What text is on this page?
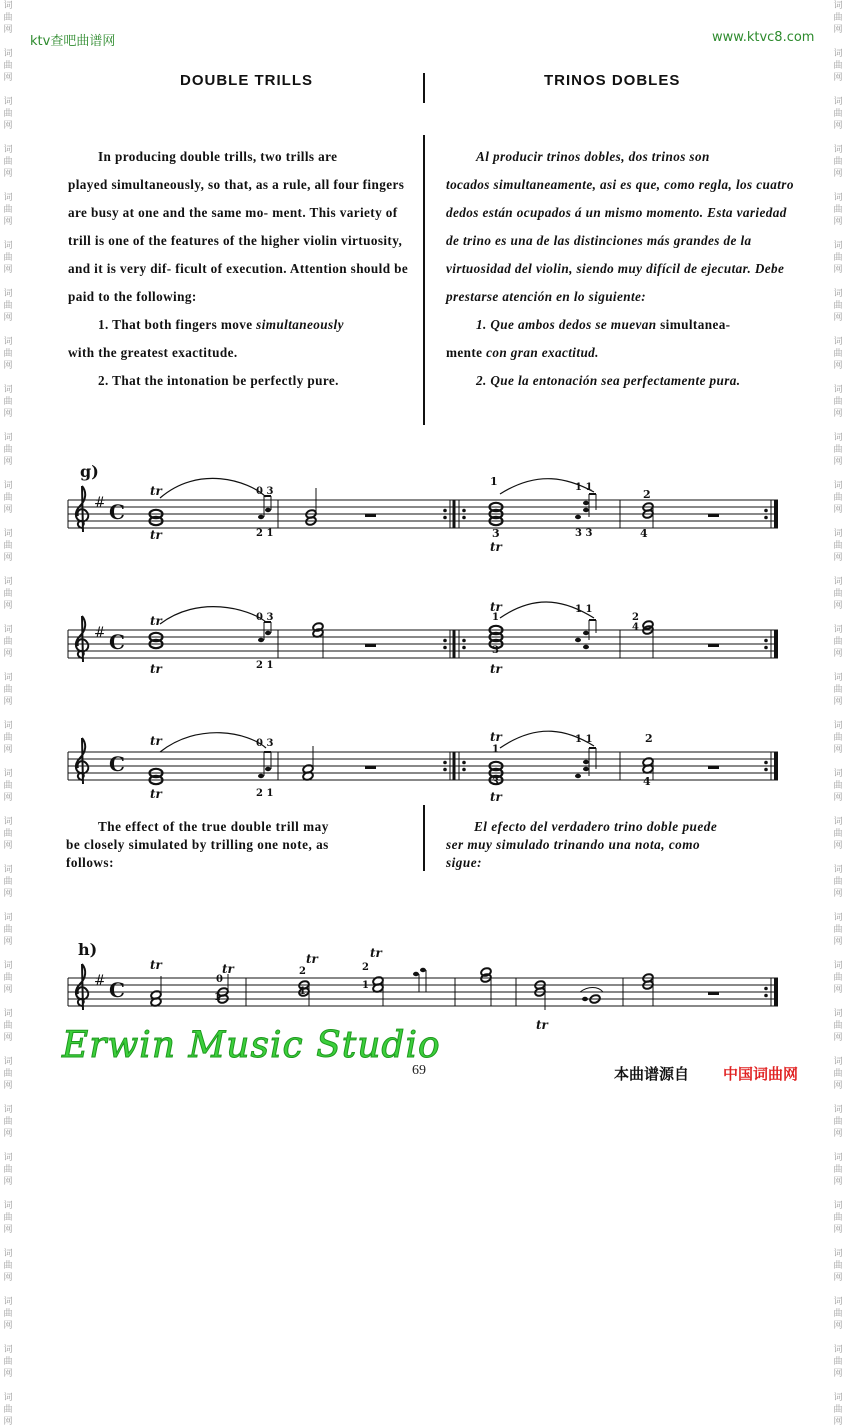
词
曲
网
词
曲
网
词
曲
网
词
曲
网
词
曲
网
词
曲
网
词
曲
网
词
曲
网
词
曲
网
词
曲
网
词
曲
网
词
曲
网
词
曲
网
词
曲
网
词
曲
网
词
曲
网
词
曲
网
词
曲
网
词
曲
网
词
曲
网
词
曲
网
词
曲
网
词
曲
网
词
曲
网
词
曲
网
词
曲
网
词
曲
网
词
曲
网
词
曲
网
词
曲
网
词
曲
网
词
曲
网
词
曲
网
词
曲
网
词
曲
网
词
曲
网
词
曲
网
词
曲
网
词
曲
网
词
曲
网
词
曲
网
词
曲
网
词
曲
网
词
曲
网
词
曲
网
词
曲
网
词
曲
网
词
曲
网
词
曲
网
词
曲
网
词
曲
网
词
曲
网
词
曲
网
词
曲
网
词
曲
网
词
曲
网
词
曲
网
词
曲
网
词
曲
网
词
曲
网
ktv查吧曲谱网	www.ktvc8.com
DOUBLE TRILLS	TRINOS DOBLES
In producing double trills, two trills are
played simultaneously, so that, as a rule, all four fingers are busy at one and the same mo- ment. This variety of trill is one of the features of the higher violin virtuosity, and it is very dif- ficult of execution. Attention should be paid to the following:
1. That both fingers move simultaneously
with the greatest exactitude.
2. That the intonation be perfectly pure.
Al producir trinos dobles, dos trinos son
tocados simultaneamente, asi es que, como regla, los cuatro dedos están ocupados á un mismo momento. Esta variedad de trino es una de las distinciones más grandes de la virtuosidad del violin, siendo muy difícil de ejecutar. Debe prestarse atención en lo siguiente:
1. Que ambos dedos se muevan simultanea-
mente con gran exactitud.
2. Que la entonación sea perfectamente pura.
#
#
#
g)
h)
C
C
C
C
tr
tr
tr
1
3
0 3
2 1
1 1
3 3
2
4
tr
tr
tr
tr
1
3
0 3
2 1
1 1
2
4
tr
tr
tr
tr
1
3
0 3
2 1
1 1	2
4
tr	tr
tr	tr
tr
0
1
2
1
2
1

The effect of the true double trill may

be closely simulated by trilling one note, as

follows:

El efecto del verdadero trino doble puede

ser muy simulado trinando una nota, como

sigue:

Erwin Music Studio
69	本曲谱源自 中国词曲网
